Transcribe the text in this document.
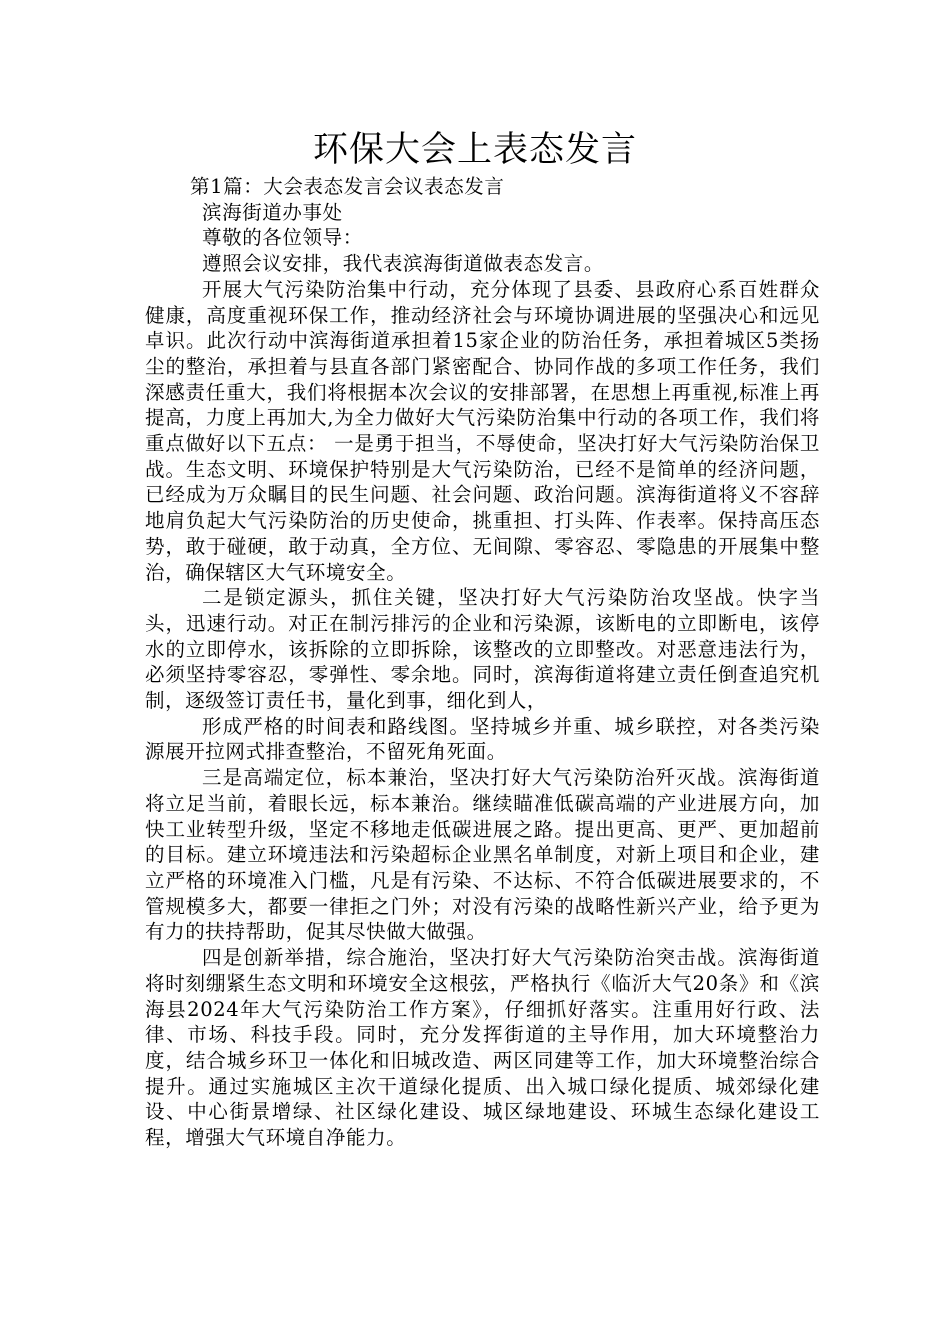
环保大会上表态发言

第1篇：大会表态发言会议表态发言

滨海街道办事处

尊敬的各位领导：

遵照会议安排，我代表滨海街道做表态发言。

开展大气污染防治集中行动，充分体现了县委、县政府心系百姓群众健康，高度重视环保工作，推动经济社会与环境协调进展的坚强决心和远见卓识。此次行动中滨海街道承担着15家企业的防治任务，承担着城区5类扬尘的整治，承担着与县直各部门紧密配合、协同作战的多项工作任务，我们深感责任重大，我们将根据本次会议的安排部署，在思想上再重视,标准上再提高，力度上再加大,为全力做好大气污染防治集中行动的各项工作，我们将重点做好以下五点： 一是勇于担当，不辱使命，坚决打好大气污染防治保卫战。生态文明、环境保护特别是大气污染防治，已经不是简单的经济问题，已经成为万众瞩目的民生问题、社会问题、政治问题。滨海街道将义不容辞地肩负起大气污染防治的历史使命，挑重担、打头阵、作表率。保持高压态势，敢于碰硬，敢于动真，全方位、无间隙、零容忍、零隐患的开展集中整治，确保辖区大气环境安全。

二是锁定源头，抓住关键，坚决打好大气污染防治攻坚战。快字当头，迅速行动。对正在制污排污的企业和污染源，该断电的立即断电，该停水的立即停水，该拆除的立即拆除，该整改的立即整改。对恶意违法行为，必须坚持零容忍，零弹性、零余地。同时，滨海街道将建立责任倒查追究机制，逐级签订责任书，量化到事，细化到人，

形成严格的时间表和路线图。坚持城乡并重、城乡联控，对各类污染源展开拉网式排查整治，不留死角死面。

三是高端定位，标本兼治，坚决打好大气污染防治歼灭战。滨海街道将立足当前，着眼长远，标本兼治。继续瞄准低碳高端的产业进展方向，加快工业转型升级，坚定不移地走低碳进展之路。提出更高、更严、更加超前的目标。建立环境违法和污染超标企业黑名单制度，对新上项目和企业，建立严格的环境准入门槛，凡是有污染、不达标、不符合低碳进展要求的，不管规模多大，都要一律拒之门外；对没有污染的战略性新兴产业，给予更为有力的扶持帮助，促其尽快做大做强。

四是创新举措，综合施治，坚决打好大气污染防治突击战。滨海街道将时刻绷紧生态文明和环境安全这根弦，严格执行《临沂大气20条》和《滨海县2024年大气污染防治工作方案》，仔细抓好落实。注重用好行政、法律、市场、科技手段。同时，充分发挥街道的主导作用，加大环境整治力度，结合城乡环卫一体化和旧城改造、两区同建等工作，加大环境整治综合提升。通过实施城区主次干道绿化提质、出入城口绿化提质、城郊绿化建设、中心街景增绿、社区绿化建设、城区绿地建设、环城生态绿化建设工程，增强大气环境自净能力。
